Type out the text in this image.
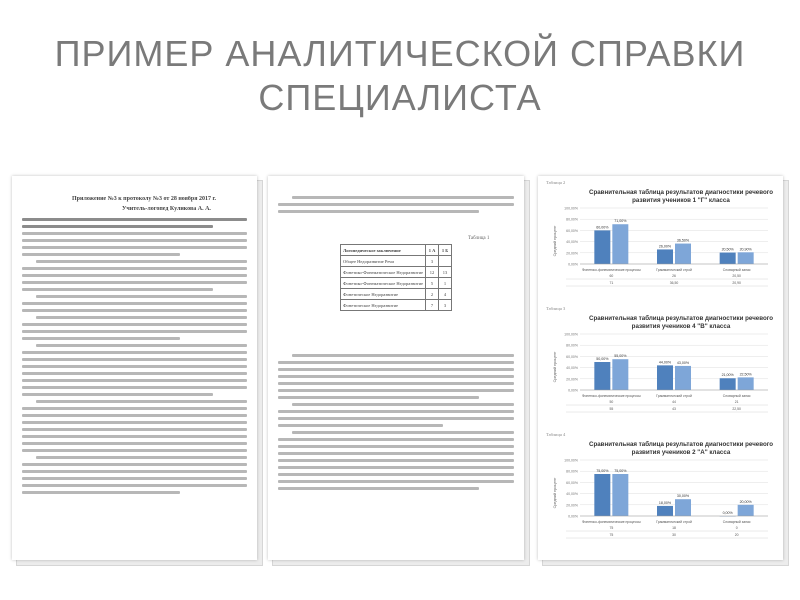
ПРИМЕР АНАЛИТИЧЕСКОЙ СПРАВКИ
СПЕЦИАЛИСТА
Приложение №3 к протоколу №3 от 28 ноября 2017 г.
Учитель-логопед Куликова А. А.
Таблица 1
Логопедическое заключение	1 А	1 Б
Общее Недоразвитие Речи	3	
Фонетико-Фонематическое Недоразвитие	12	13
Фонетико-Фонематическое Недоразвитие	5	1
Фонетическое Недоразвитие	2	4
Фонетическое Недоразвитие	7	3
Таблица 2
Сравнительная таблица результатов диагностики речевого
развития учеников 1 "Г" класса
0,00%
20,00%
40,00%
60,00%
80,00%
100,00%
Средний процент	60,00%
71,00%
26,00%
36,50%
20,50% 20,90%
Фонетико-фонематические процессы	Грамматический строй	Словарный запас
60	26	20,50
71	36,50	20,90
Таблица 3
Сравнительная таблица результатов диагностики речевого
развития учеников 4 "В" класса
0,00%
20,00%
40,00%
60,00%
80,00%
100,00%
Средний процент	50,00%
55,00%
44,00% 43,00%
21,00% 22,50%
Фонетико-фонематические процессы	Грамматический строй	Словарный запас
50	44	21
55	43	22,50
Таблица 4
Сравнительная таблица результатов диагностики речевого
развития учеников 2 "А" класса
0,00%
20,00%
40,00%
60,00%
80,00%
100,00%
Средний процент
75,00% 75,00%
18,00%
30,00%
0,00%
20,00%
Фонетико-фонематические процессы	Грамматический строй	Словарный запас
75	18	0
75	30	20
